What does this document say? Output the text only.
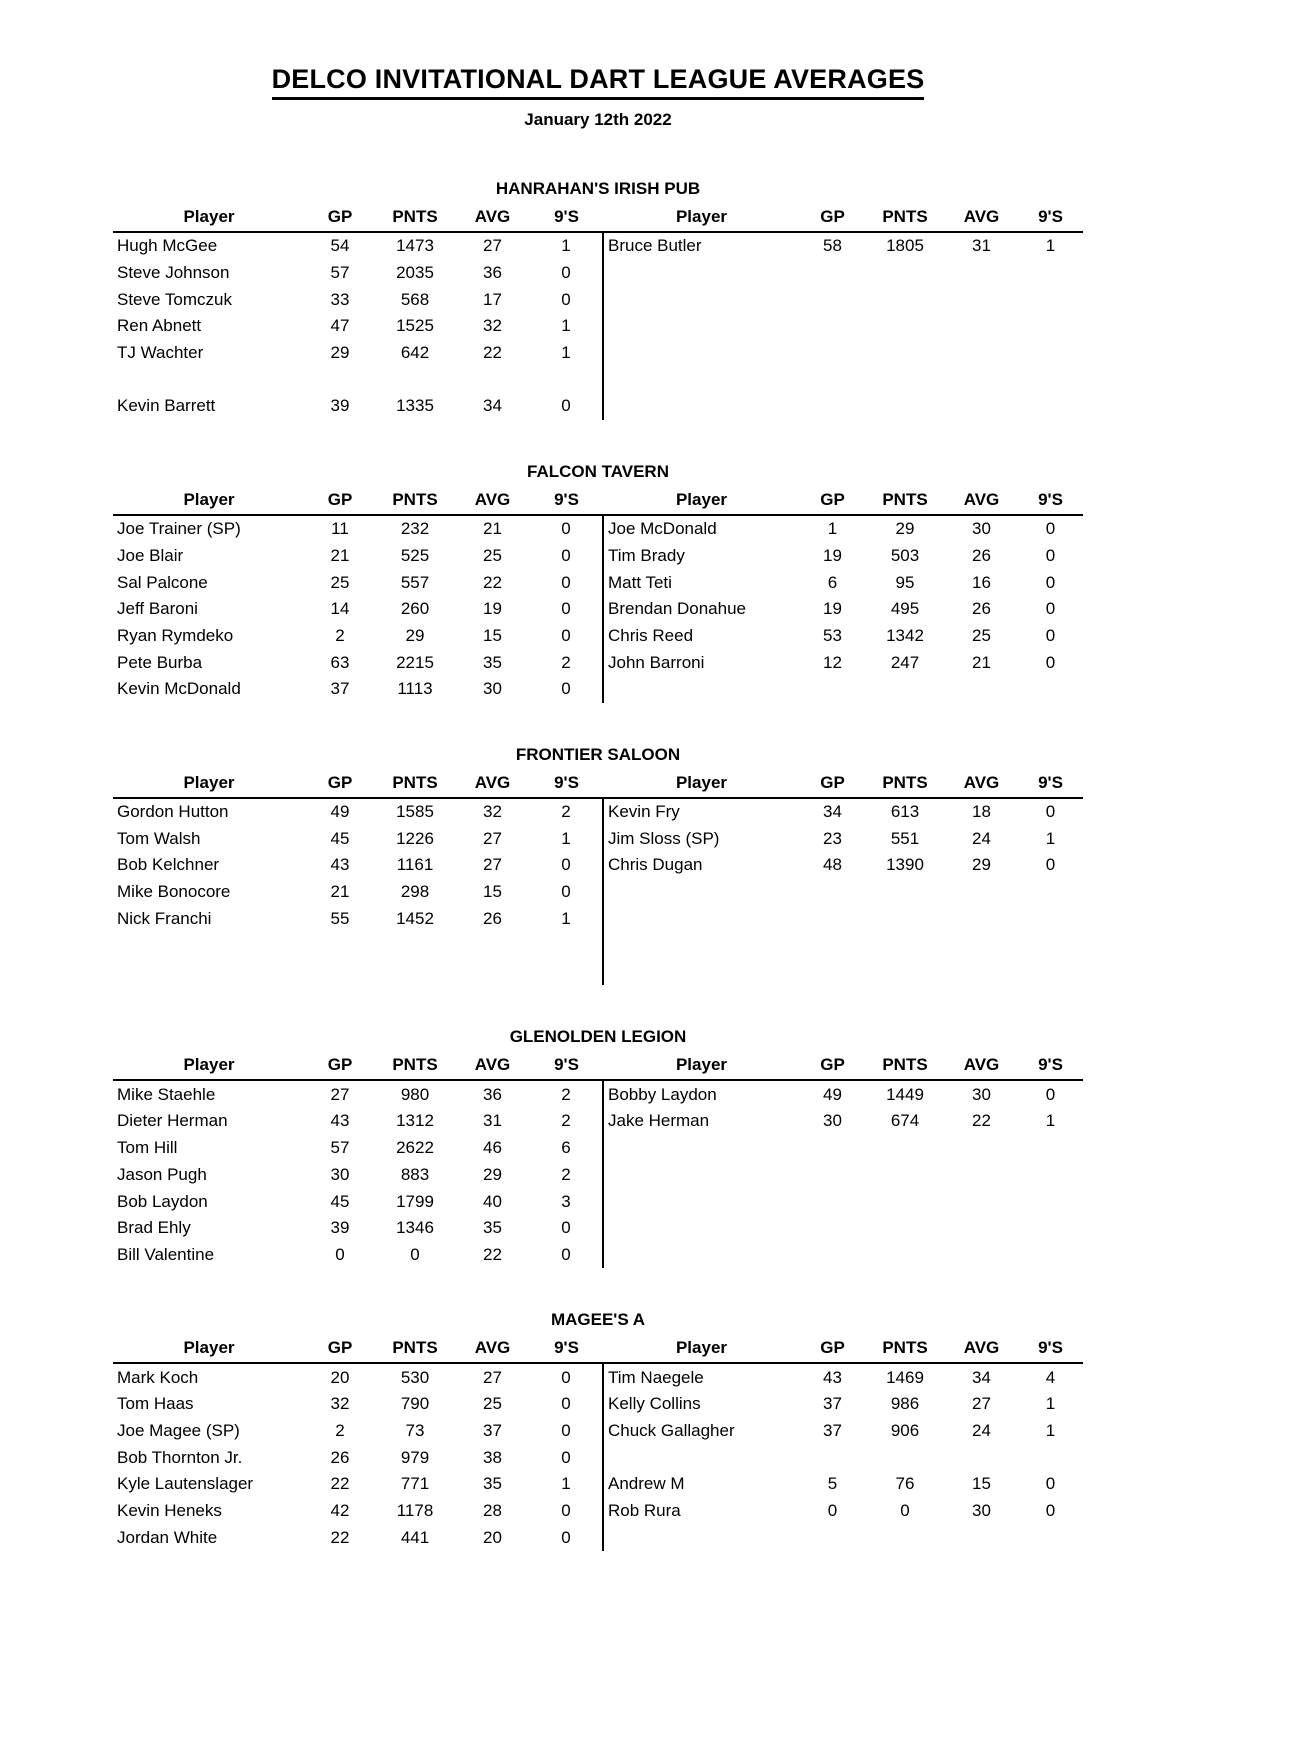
DELCO INVITATIONAL DART LEAGUE AVERAGES
January 12th 2022
HANRAHAN'S IRISH PUB
Player	GP	PNTS	AVG	9'S	Player	GP	PNTS	AVG	9'S
Hugh McGee	54	1473	27	1	Bruce Butler	58	1805	31	1
Steve Johnson	57	2035	36	0					
Steve Tomczuk	33	568	17	0					
Ren Abnett	47	1525	32	1					
TJ Wachter	29	642	22	1					

Kevin Barrett	39	1335	34	0					
FALCON TAVERN
Player	GP	PNTS	AVG	9'S	Player	GP	PNTS	AVG	9'S
Joe Trainer (SP)	11	232	21	0	Joe McDonald	1	29	30	0
Joe Blair	21	525	25	0	Tim Brady	19	503	26	0
Sal Palcone	25	557	22	0	Matt Teti	6	95	16	0
Jeff Baroni	14	260	19	0	Brendan Donahue	19	495	26	0
Ryan Rymdeko	2	29	15	0	Chris Reed	53	1342	25	0
Pete Burba	63	2215	35	2	John Barroni	12	247	21	0
Kevin McDonald	37	1113	30	0					
FRONTIER SALOON
Player	GP	PNTS	AVG	9'S	Player	GP	PNTS	AVG	9'S
Gordon Hutton	49	1585	32	2	Kevin Fry	34	613	18	0
Tom Walsh	45	1226	27	1	Jim Sloss (SP)	23	551	24	1
Bob Kelchner	43	1161	27	0	Chris Dugan	48	1390	29	0
Mike Bonocore	21	298	15	0					
Nick Franchi	55	1452	26	1					

GLENOLDEN LEGION
Player	GP	PNTS	AVG	9'S	Player	GP	PNTS	AVG	9'S
Mike Staehle	27	980	36	2	Bobby Laydon	49	1449	30	0
Dieter Herman	43	1312	31	2	Jake Herman	30	674	22	1
Tom Hill	57	2622	46	6					
Jason Pugh	30	883	29	2					
Bob Laydon	45	1799	40	3					
Brad Ehly	39	1346	35	0					
Bill Valentine	0	0	22	0					
MAGEE'S A
Player	GP	PNTS	AVG	9'S	Player	GP	PNTS	AVG	9'S
Mark Koch	20	530	27	0	Tim Naegele	43	1469	34	4
Tom Haas	32	790	25	0	Kelly Collins	37	986	27	1
Joe Magee (SP)	2	73	37	0	Chuck Gallagher	37	906	24	1
Bob Thornton Jr.	26	979	38	0					
Kyle Lautenslager	22	771	35	1	Andrew M	5	76	15	0
Kevin Heneks	42	1178	28	0	Rob Rura	0	0	30	0
Jordan White	22	441	20	0					
